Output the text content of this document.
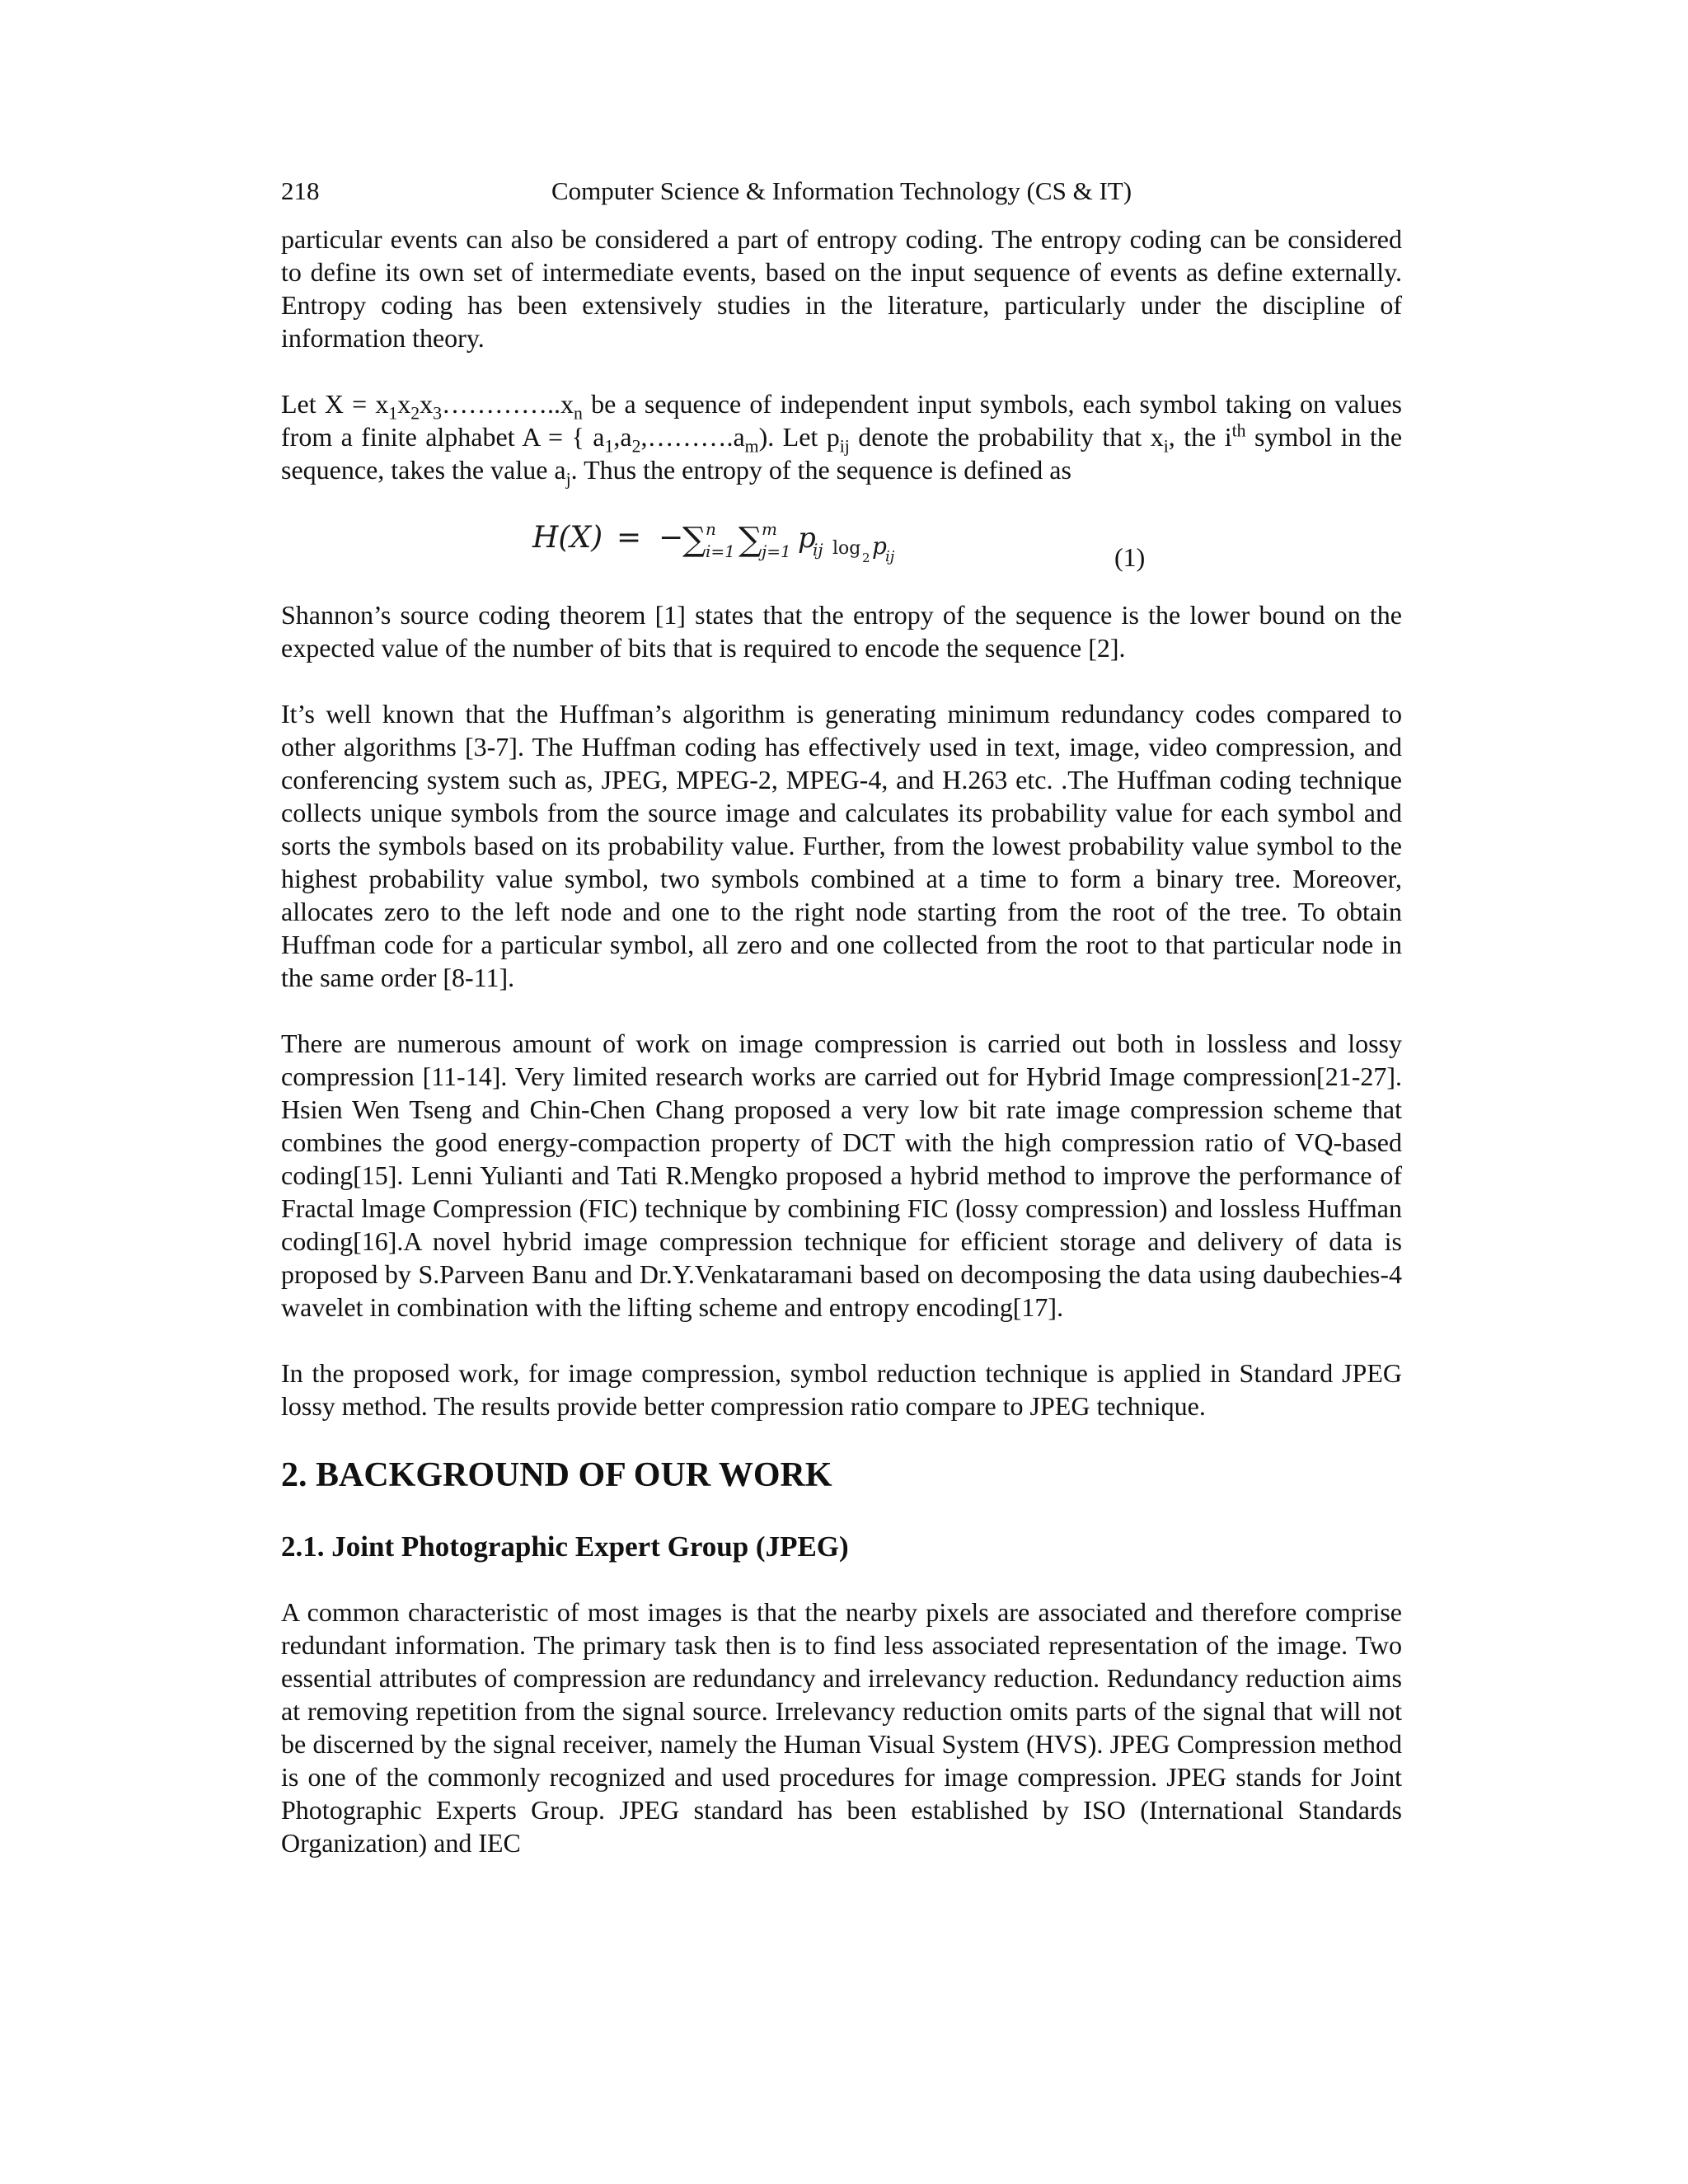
218	Computer Science & Information Technology (CS & IT)

particular events can also be considered a part of entropy coding. The entropy coding can be considered to define its own set of intermediate events, based on the input sequence of events as define externally. Entropy coding has been extensively studies in the literature, particularly under the discipline of information theory.

Let $X = x_1x_2x_3\dots\dots\dots\dots..x_n$ be a sequence of independent input symbols, each symbol taking on values from a finite alphabet A = { $a_1,a_2,\dots\dots\dots.a_m$). Let $p_{ij}$ denote the probability that $x_i$, the $i^{th}$ symbol in the sequence, takes the value $a_j$. Thus the entropy of the sequence is defined as

H(X) = −
∑ n
i=1 ∑ m
j=1 p
ij log 2 p
ij	(1)

Shannon’s source coding theorem [1] states that the entropy of the sequence is the lower bound on the expected value of the number of bits that is required to encode the sequence [2].

It’s well known that the Huffman’s algorithm is generating minimum redundancy codes compared to other algorithms [3-7]. The Huffman coding has effectively used in text, image, video compression, and conferencing system such as, JPEG, MPEG-2, MPEG-4, and H.263 etc. .The Huffman coding technique collects unique symbols from the source image and calculates its probability value for each symbol and sorts the symbols based on its probability value. Further, from the lowest probability value symbol to the highest probability value symbol, two symbols combined at a time to form a binary tree. Moreover, allocates zero to the left node and one to the right node starting from the root of the tree. To obtain Huffman code for a particular symbol, all zero and one collected from the root to that particular node in the same order [8-11].

There are numerous amount of work on image compression is carried out both in lossless and lossy compression [11-14]. Very limited research works are carried out for Hybrid Image compression[21-27]. Hsien Wen Tseng and Chin-Chen Chang proposed a very low bit rate image compression scheme that combines the good energy-compaction property of DCT with the high compression ratio of VQ-based coding[15]. Lenni Yulianti and Tati R.Mengko proposed a hybrid method to improve the performance of Fractal lmage Compression (FIC) technique by combining FIC (lossy compression) and lossless Huffman coding[16].A novel hybrid image compression technique for efficient storage and delivery of data is proposed by S.Parveen Banu and Dr.Y.Venkataramani based on decomposing the data using daubechies-4 wavelet in combination with the lifting scheme and entropy encoding[17].

In the proposed work, for image compression, symbol reduction technique is applied in Standard JPEG lossy method. The results provide better compression ratio compare to JPEG technique.

2. BACKGROUND OF OUR WORK
2.1. Joint Photographic Expert Group (JPEG)

A common characteristic of most images is that the nearby pixels are associated and therefore comprise redundant information. The primary task then is to find less associated representation of the image. Two essential attributes of compression are redundancy and irrelevancy reduction. Redundancy reduction aims at removing repetition from the signal source. Irrelevancy reduction omits parts of the signal that will not be discerned by the signal receiver, namely the Human Visual System (HVS). JPEG Compression method is one of the commonly recognized and used procedures for image compression. JPEG stands for Joint Photographic Experts Group. JPEG standard has been established by ISO (International Standards Organization) and IEC
